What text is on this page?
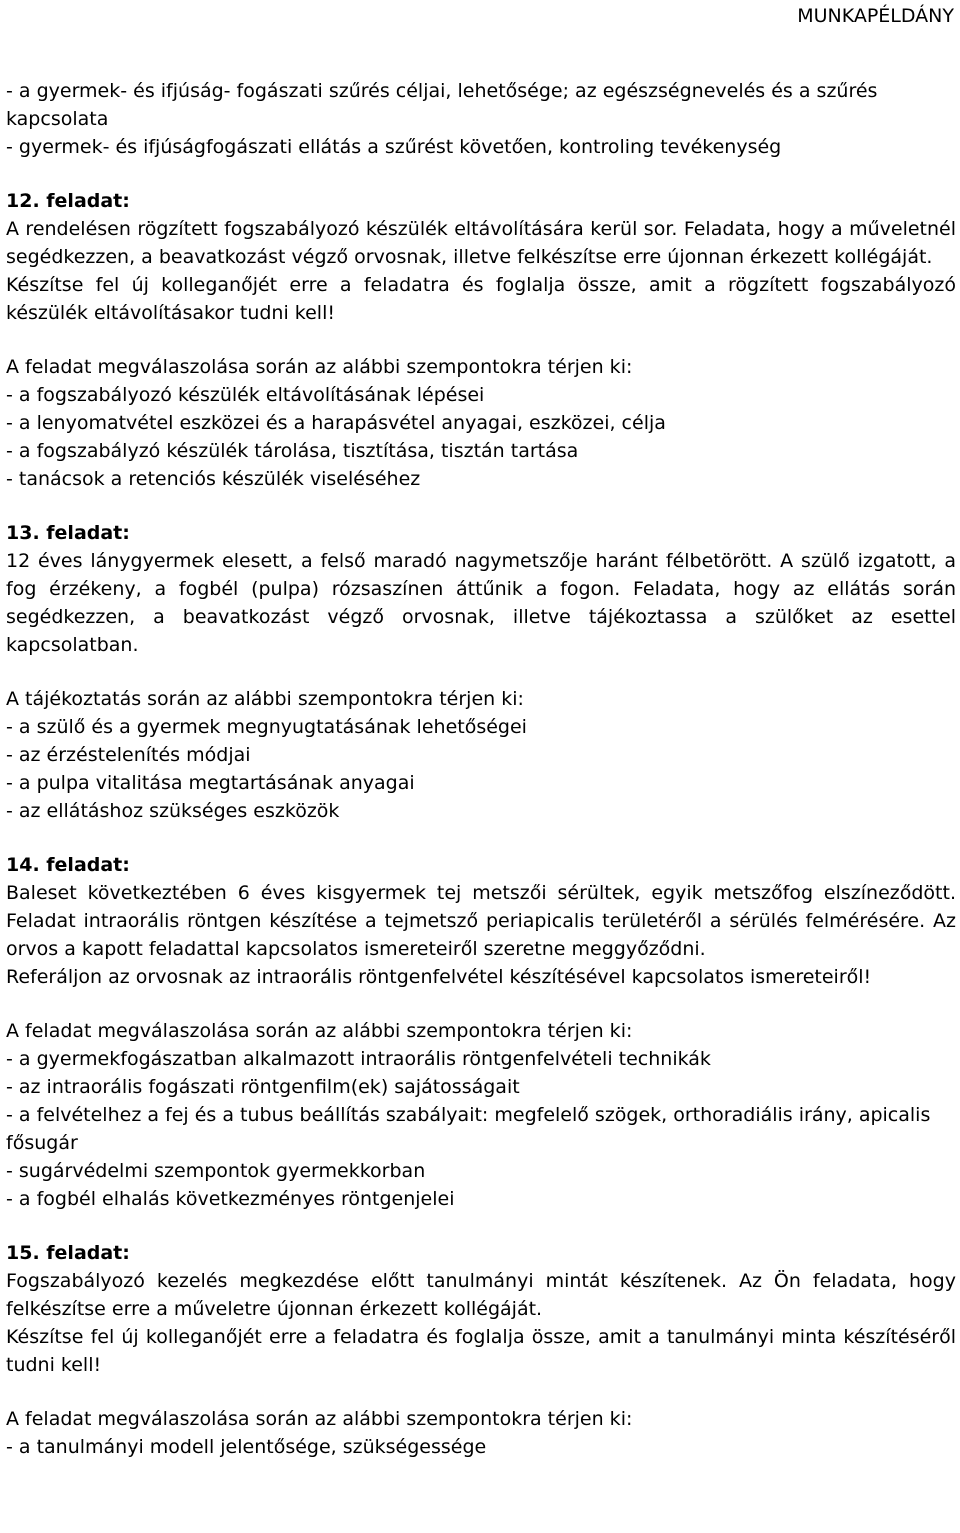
MUNKAPÉLDÁNY

- a gyermek- és ifjúság- fogászati szűrés céljai, lehetősége; az egészségnevelés és a szűrés kapcsolata

- gyermek- és ifjúságfogászati ellátás a szűrést követően, kontroling tevékenység

12. feladat:

A rendelésen rögzített fogszabályozó készülék eltávolítására kerül sor. Feladata, hogy a műveletnél segédkezzen, a beavatkozást végző orvosnak, illetve felkészítse erre újonnan érkezett kollégáját.

Készítse fel új kolleganőjét erre a feladatra és foglalja össze, amit a rögzített fogszabályozó készülék eltávolításakor tudni kell!

A feladat megválaszolása során az alábbi szempontokra térjen ki:

- a fogszabályozó készülék eltávolításának lépései

- a lenyomatvétel eszközei és a harapásvétel anyagai, eszközei, célja

- a fogszabályzó készülék tárolása, tisztítása, tisztán tartása

- tanácsok a retenciós készülék viseléséhez

13. feladat:

12 éves lánygyermek elesett, a felső maradó nagymetszője haránt félbetörött. A szülő izgatott, a fog érzékeny, a fogbél (pulpa) rózsaszínen áttűnik a fogon. Feladata, hogy az ellátás során segédkezzen, a beavatkozást végző orvosnak, illetve tájékoztassa a szülőket az esettel kapcsolatban.

A tájékoztatás során az alábbi szempontokra térjen ki:

- a szülő és a gyermek megnyugtatásának lehetőségei

- az érzéstelenítés módjai

- a pulpa vitalitása megtartásának anyagai

- az ellátáshoz szükséges eszközök

14. feladat:

Baleset következtében 6 éves kisgyermek tej metszői sérültek, egyik metszőfog elszíneződött. Feladat intraorális röntgen készítése a tejmetsző periapicalis területéről a sérülés felmérésére. Az orvos a kapott feladattal kapcsolatos ismereteiről szeretne meggyőződni.

Referáljon az orvosnak az intraorális röntgenfelvétel készítésével kapcsolatos ismereteiről!

A feladat megválaszolása során az alábbi szempontokra térjen ki:

- a gyermekfogászatban alkalmazott intraorális röntgenfelvételi technikák

- az intraorális fogászati röntgenfilm(ek) sajátosságait

- a felvételhez a fej és a tubus beállítás szabályait: megfelelő szögek, orthoradiális irány, apicalis fősugár

- sugárvédelmi szempontok gyermekkorban

- a fogbél elhalás következményes röntgenjelei

15. feladat:

Fogszabályozó kezelés megkezdése előtt tanulmányi mintát készítenek. Az Ön feladata, hogy felkészítse erre a műveletre újonnan érkezett kollégáját.

Készítse fel új kolleganőjét erre a feladatra és foglalja össze, amit a tanulmányi minta készítéséről tudni kell!

A feladat megválaszolása során az alábbi szempontokra térjen ki:

- a tanulmányi modell jelentősége, szükségessége
